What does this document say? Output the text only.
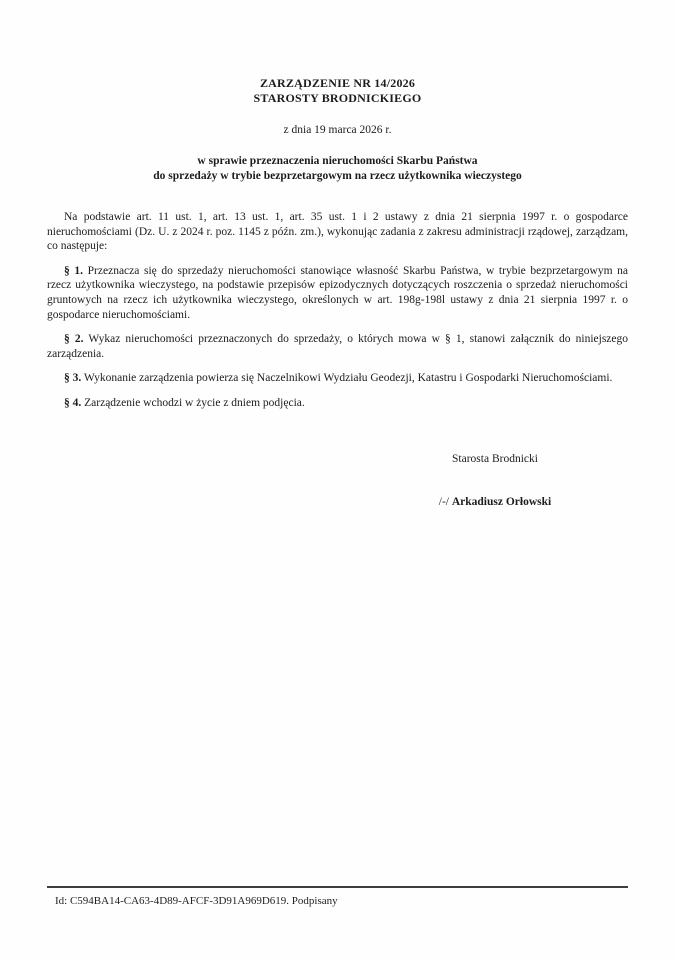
ZARZĄDZENIE NR 14/2026
STAROSTY BRODNICKIEGO
z dnia 19 marca 2026 r.
w sprawie przeznaczenia nieruchomości Skarbu Państwa
do sprzedaży w trybie bezprzetargowym na rzecz użytkownika wieczystego

Na podstawie art. 11 ust. 1, art. 13 ust. 1, art. 35 ust. 1 i 2 ustawy z dnia 21 sierpnia 1997 r. o gospodarce nieruchomościami (Dz. U. z 2024 r. poz. 1145 z późn. zm.), wykonując zadania z zakresu administracji rządowej, zarządzam, co następuje:

§ 1. Przeznacza się do sprzedaży nieruchomości stanowiące własność Skarbu Państwa, w trybie bezprzetargowym na rzecz użytkownika wieczystego, na podstawie przepisów epizodycznych dotyczących roszczenia o sprzedaż nieruchomości gruntowych na rzecz ich użytkownika wieczystego, określonych w art. 198g-198l ustawy z dnia 21 sierpnia 1997 r. o gospodarce nieruchomościami.

§ 2. Wykaz nieruchomości przeznaczonych do sprzedaży, o których mowa w § 1, stanowi załącznik do niniejszego zarządzenia.

§ 3. Wykonanie zarządzenia powierza się Naczelnikowi Wydziału Geodezji, Katastru i Gospodarki Nieruchomościami.

§ 4. Zarządzenie wchodzi w życie z dniem podjęcia.

Starosta Brodnicki
/-/ Arkadiusz Orłowski
Id: C594BA14-CA63-4D89-AFCF-3D91A969D619. Podpisany
